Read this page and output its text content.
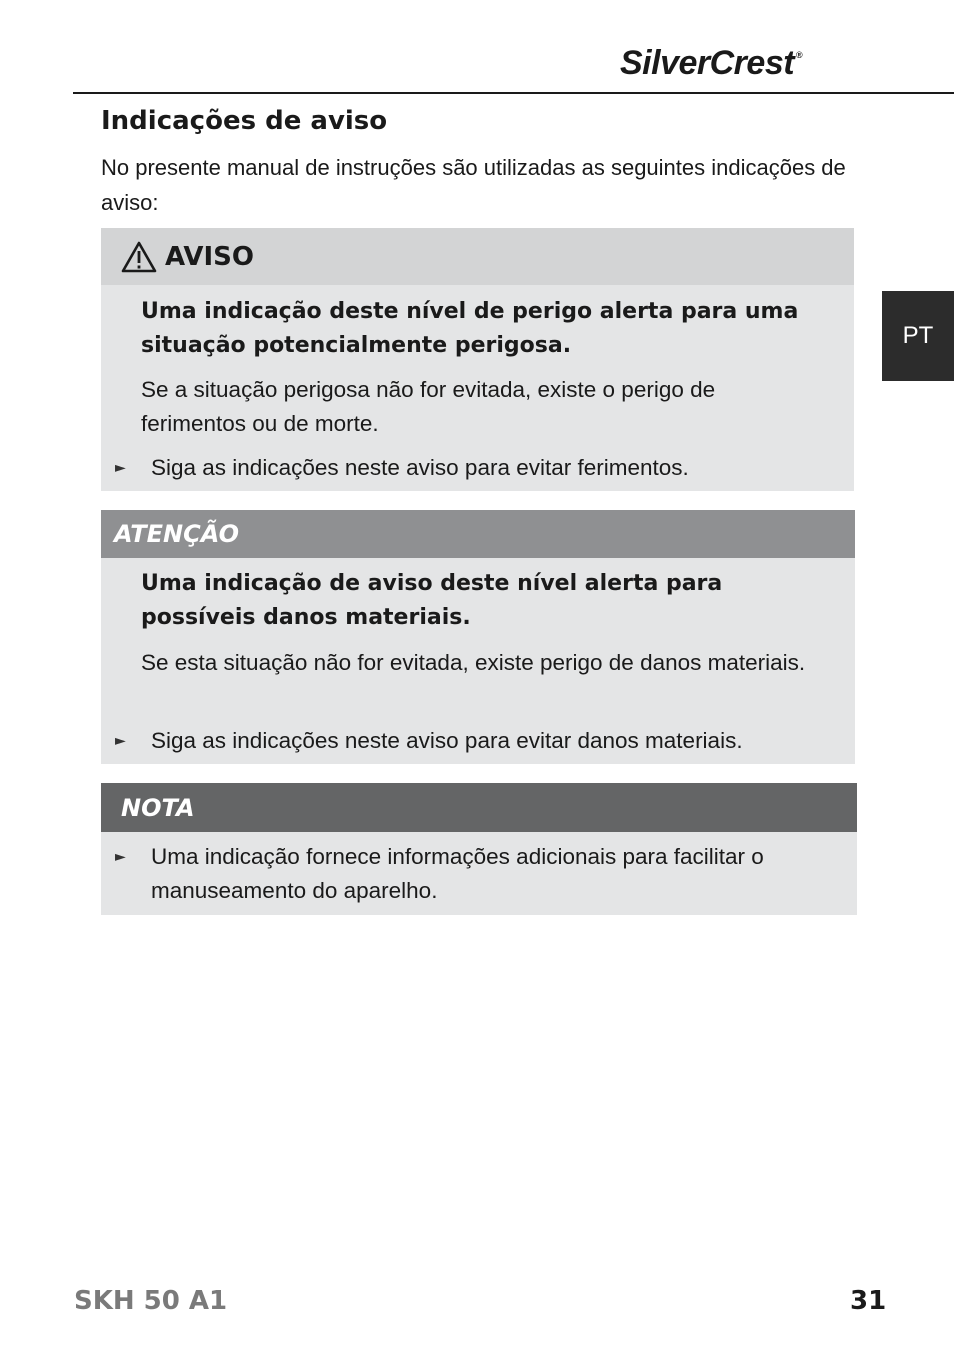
SilverCrest ®
Indicações de aviso

No presente manual de instruções são utilizadas as seguintes indicações de aviso:

AVISO

Uma indicação deste nível de perigo alerta para uma situação potencialmente perigosa.

Se a situação perigosa não for evitada, existe o perigo de ferimentos ou de morte.

►	Siga as indicações neste aviso para evitar ferimentos.

ATENÇÃO

Uma indicação de aviso deste nível alerta para possíveis danos materiais.

Se esta situação não for evitada, existe perigo de danos materiais.

►	Siga as indicações neste aviso para evitar danos materiais.

NOTA
►	Uma indicação fornece informações adicionais para facilitar o manuseamento do aparelho.

PT

SKH 50 A1	31
